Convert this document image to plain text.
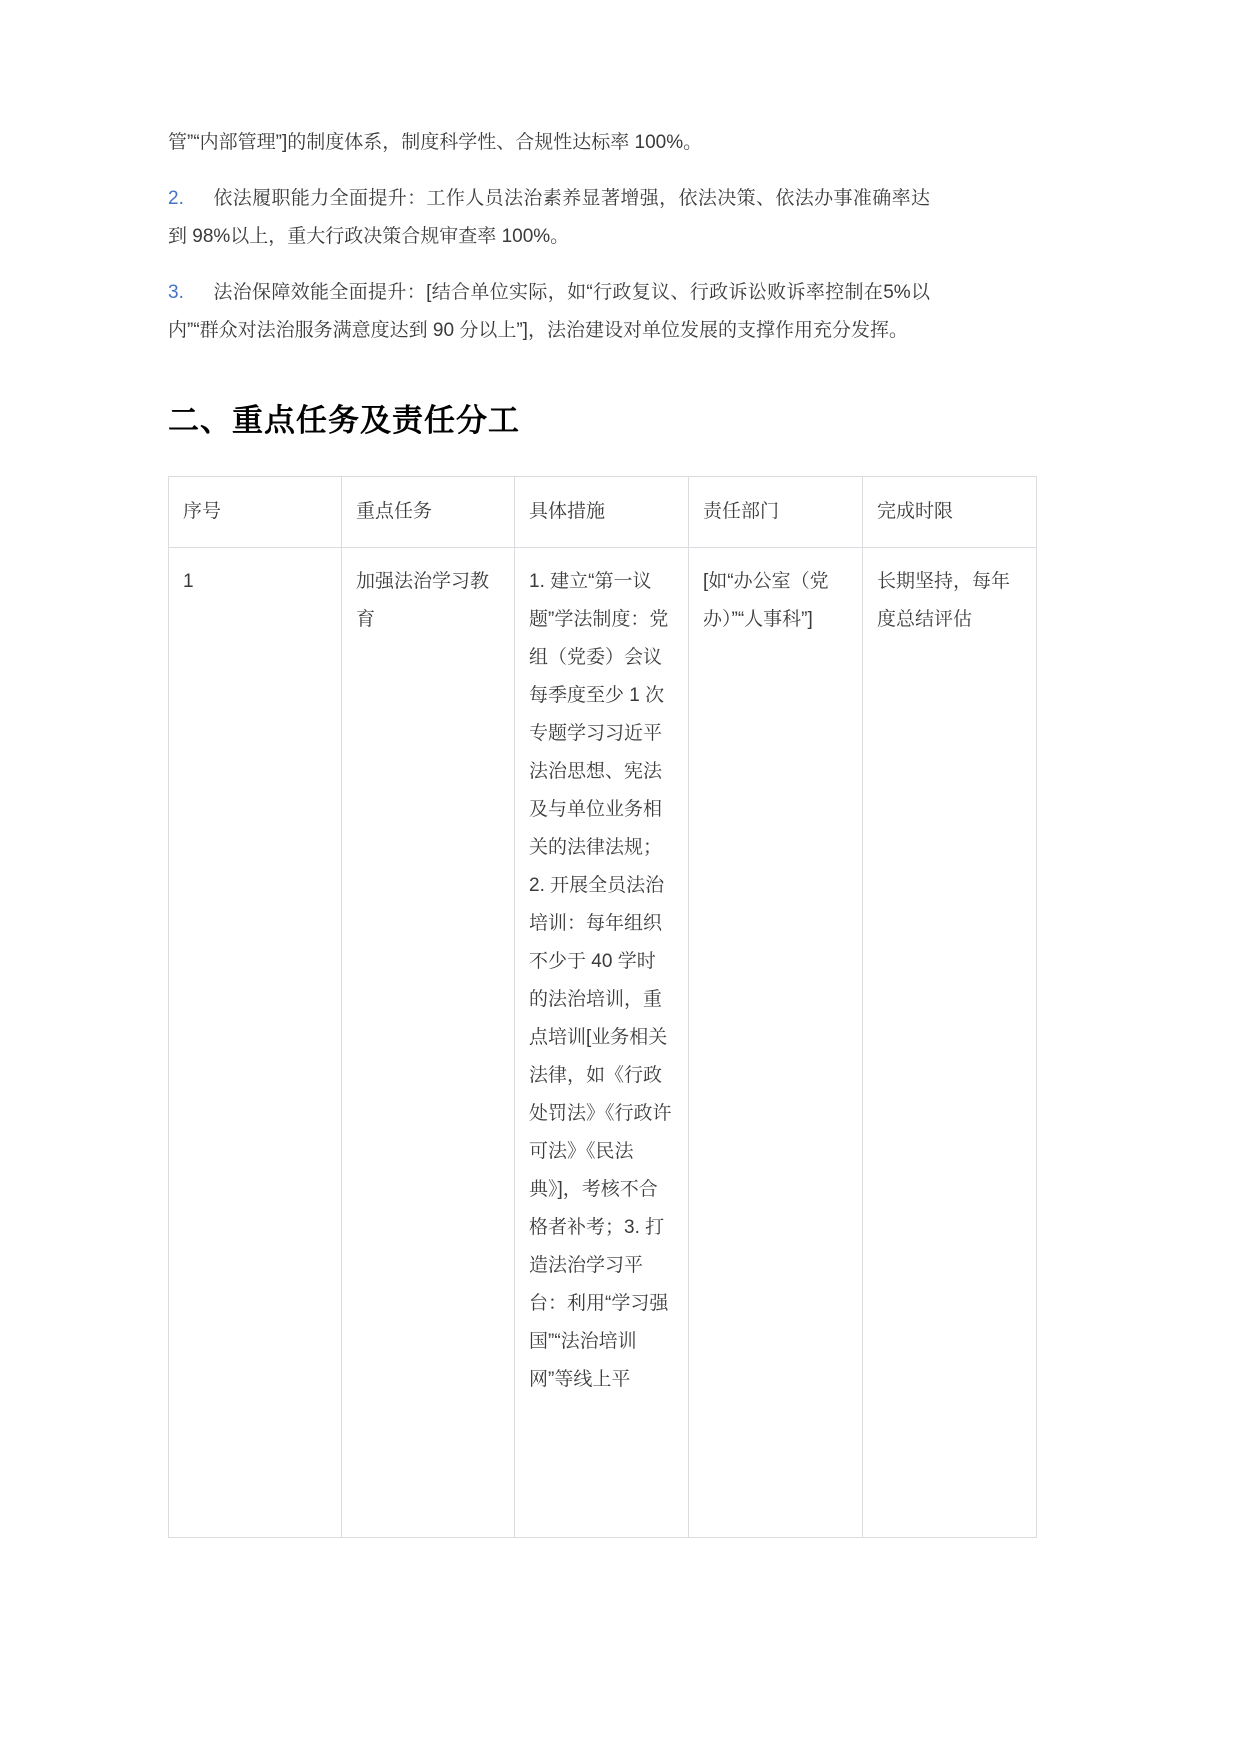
管”“内部管理”]的制度体系，制度科学性、合规性达标率 100%。

2. 依法履职能力全面提升：工作人员法治素养显著增强，依法决策、依法办事准确率达到 98%以上，重大行政决策合规审查率 100%。

3. 法治保障效能全面提升：[结合单位实际，如“行政复议、行政诉讼败诉率控制在5%以内”“群众对法治服务满意度达到 90 分以上”]，法治建设对单位发展的支撑作用充分发挥。

二、重点任务及责任分工
序号	重点任务	具体措施	责任部门	完成时限
1	加强法治学习教育	1. 建立“第一议题”学法制度：党组（党委）会议每季度至少 1 次专题学习习近平法治思想、宪法及与单位业务相关的法律法规；2. 开展全员法治培训：每年组织不少于 40 学时的法治培训，重点培训[业务相关法律，如《行政处罚法》《行政许可法》《民法典》]，考核不合格者补考；3. 打造法治学习平台：利用“学习强国”“法治培训网”等线上平	[如“办公室（党办）”“人事科”]	长期坚持，每年度总结评估
